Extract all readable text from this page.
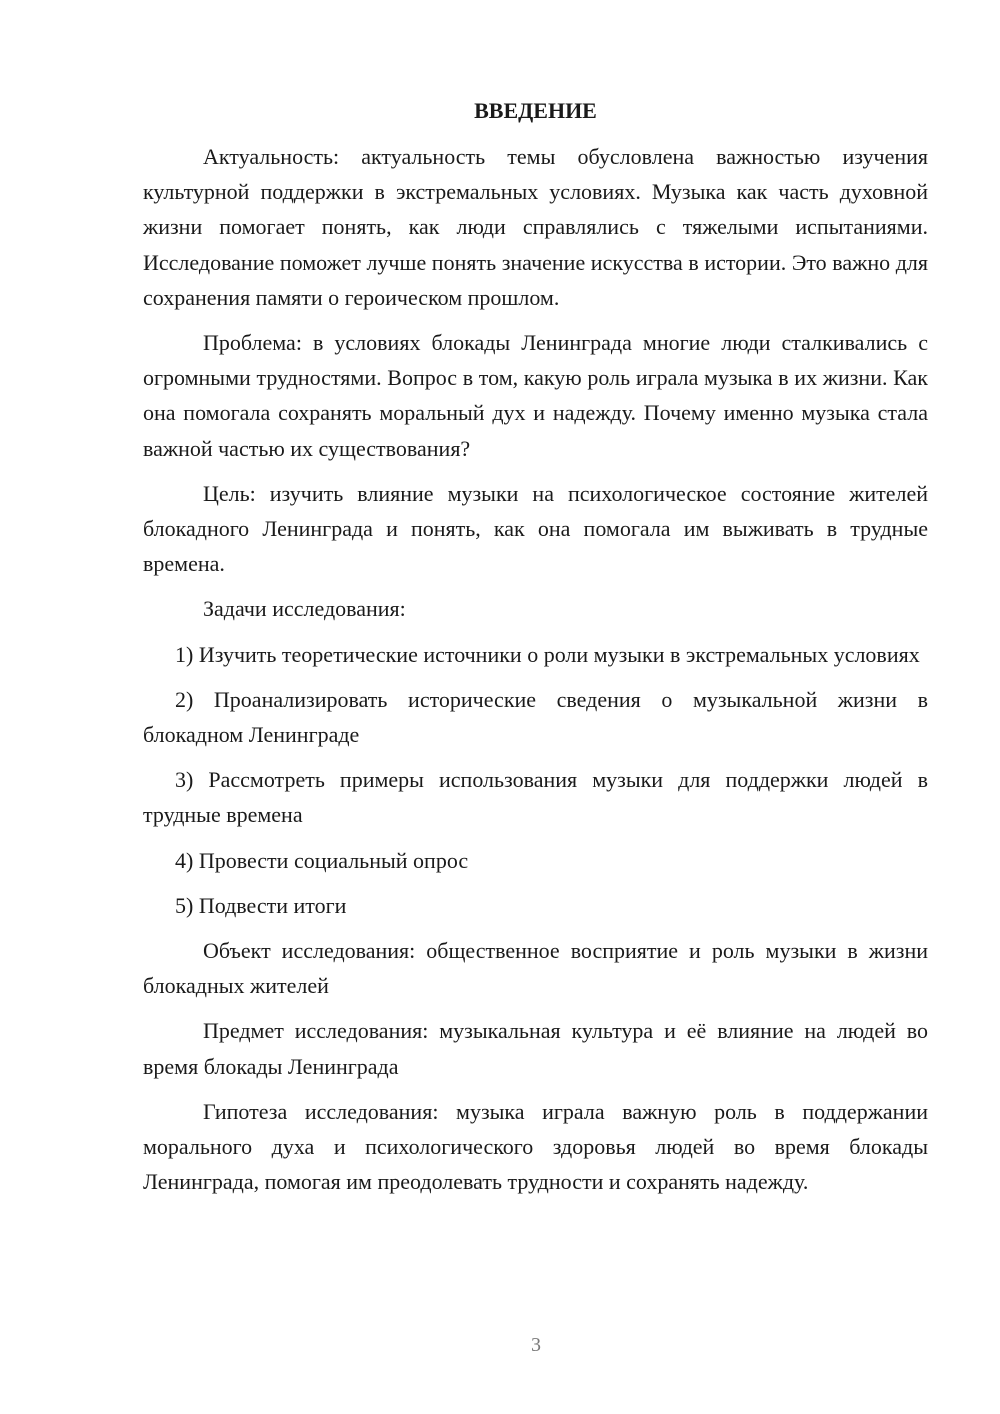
ВВЕДЕНИЕ

Актуальность: актуальность темы обусловлена важностью изучения культурной поддержки в экстремальных условиях. Музыка как часть духовной жизни помогает понять, как люди справлялись с тяжелыми испытаниями. Исследование поможет лучше понять значение искусства в истории. Это важно для сохранения памяти о героическом прошлом.

Проблема: в условиях блокады Ленинграда многие люди сталкивались с огромными трудностями. Вопрос в том, какую роль играла музыка в их жизни. Как она помогала сохранять моральный дух и надежду. Почему именно музыка стала важной частью их существования?

Цель: изучить влияние музыки на психологическое состояние жителей блокадного Ленинграда и понять, как она помогала им выживать в трудные времена.

Задачи исследования:

1) Изучить теоретические источники о роли музыки в экстремальных условиях

2) Проанализировать исторические сведения о музыкальной жизни в блокадном Ленинграде

3) Рассмотреть примеры использования музыки для поддержки людей в трудные времена

4) Провести социальный опрос

5) Подвести итоги

Объект исследования: общественное восприятие и роль музыки в жизни блокадных жителей

Предмет исследования: музыкальная культура и её влияние на людей во время блокады Ленинграда

Гипотеза исследования: музыка играла важную роль в поддержании морального духа и психологического здоровья людей во время блокады Ленинграда, помогая им преодолевать трудности и сохранять надежду.

3
